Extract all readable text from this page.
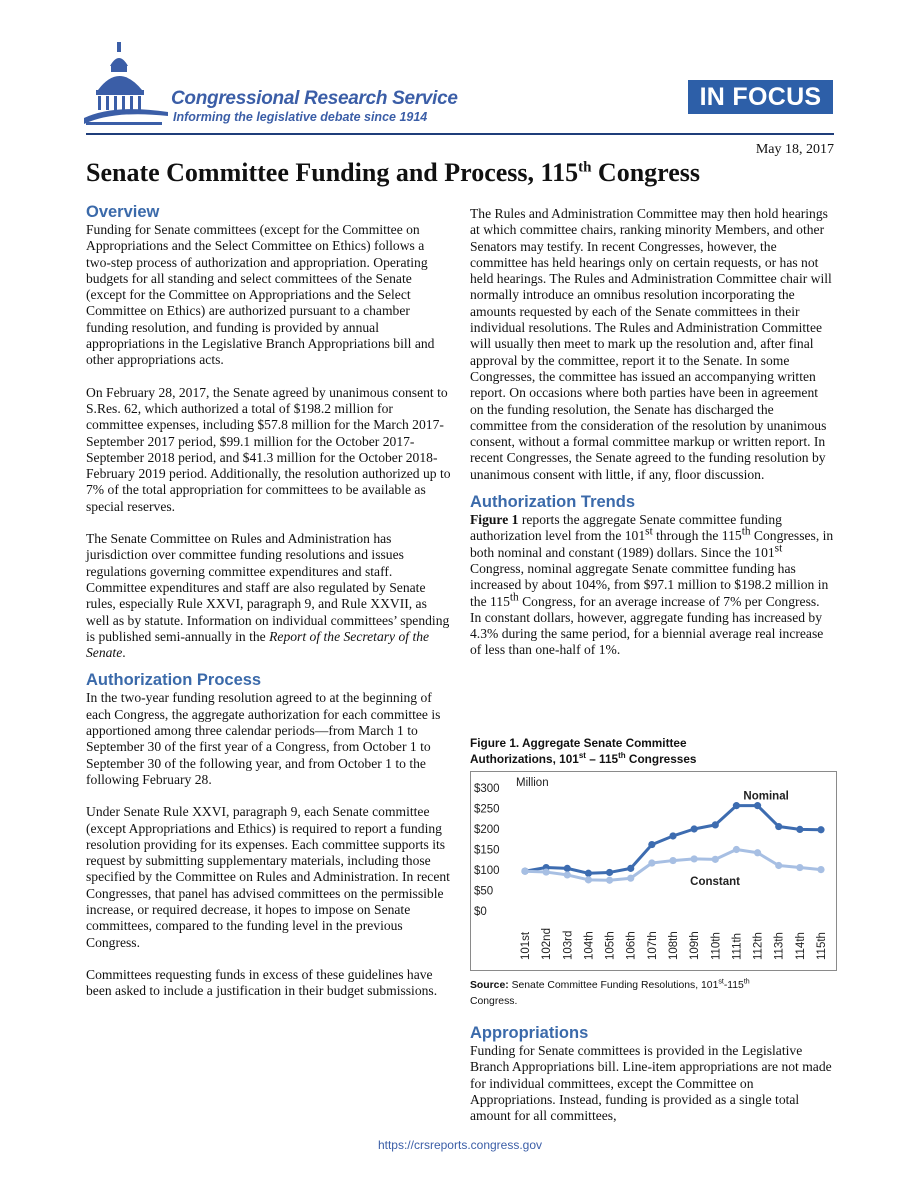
Congressional Research Service
Informing the legislative debate since 1914
IN FOCUS
May 18, 2017
Senate Committee Funding and Process, 115th Congress
Overview

Funding for Senate committees (except for the Committee on Appropriations and the Select Committee on Ethics) follows a two-step process of authorization and appropriation. Operating budgets for all standing and select committees of the Senate (except for the Committee on Appropriations and the Select Committee on Ethics) are authorized pursuant to a chamber funding resolution, and funding is provided by annual appropriations in the Legislative Branch Appropriations bill and other appropriations acts.

On February 28, 2017, the Senate agreed by unanimous consent to S.Res. 62, which authorized a total of $198.2 million for committee expenses, including $57.8 million for the March 2017-September 2017 period, $99.1 million for the October 2017-September 2018 period, and $41.3 million for the October 2018-February 2019 period. Additionally, the resolution authorized up to 7% of the total appropriation for committees to be available as special reserves.

The Senate Committee on Rules and Administration has jurisdiction over committee funding resolutions and issues regulations governing committee expenditures and staff. Committee expenditures and staff are also regulated by Senate rules, especially Rule XXVI, paragraph 9, and Rule XXVII, as well as by statute. Information on individual committees’ spending is published semi-annually in the Report of the Secretary of the Senate.

Authorization Process

In the two-year funding resolution agreed to at the beginning of each Congress, the aggregate authorization for each committee is apportioned among three calendar periods—from March 1 to September 30 of the first year of a Congress, from October 1 to September 30 of the following year, and from October 1 to the following February 28.

Under Senate Rule XXVI, paragraph 9, each Senate committee (except Appropriations and Ethics) is required to report a funding resolution providing for its expenses. Each committee supports its request by submitting supplementary materials, including those specified by the Committee on Rules and Administration. In recent Congresses, that panel has advised committees on the permissible increase, or required decrease, it hopes to impose on Senate committees, compared to the funding level in the previous Congress.

Committees requesting funds in excess of these guidelines have been asked to include a justification in their budget submissions.

The Rules and Administration Committee may then hold hearings at which committee chairs, ranking minority Members, and other Senators may testify. In recent Congresses, however, the committee has held hearings only on certain requests, or has not held hearings. The Rules and Administration Committee chair will normally introduce an omnibus resolution incorporating the amounts requested by each of the Senate committees in their individual resolutions. The Rules and Administration Committee will usually then meet to mark up the resolution and, after final approval by the committee, report it to the Senate. In some Congresses, the committee has issued an accompanying written report. On occasions where both parties have been in agreement on the funding resolution, the Senate has discharged the committee from the consideration of the resolution by unanimous consent, without a formal committee markup or written report. In recent Congresses, the Senate agreed to the funding resolution by unanimous consent with little, if any, floor discussion.

Authorization Trends

Figure 1 reports the aggregate Senate committee funding authorization level from the 101st through the 115th Congresses, in both nominal and constant (1989) dollars. Since the 101st Congress, nominal aggregate Senate committee funding has increased by about 104%, from $97.1 million to $198.2 million in the 115th Congress, for an average increase of 7% per Congress. In constant dollars, however, aggregate funding has increased by 4.3% during the same period, for a biennial average real increase of less than one-half of 1%.

Figure 1. Aggregate Senate Committee
Authorizations, 101st – 115th Congresses
Million
$300
$250
$200
$150
$100
$50
$0
101st 102nd 103rd 104th 105th 106th 107th 108th 109th 110th 111th 112th 113th 114th 115th
Nominal
Constant
Source: Senate Committee Funding Resolutions, 101st-115th
Congress.
Appropriations

Funding for Senate committees is provided in the Legislative Branch Appropriations bill. Line-item appropriations are not made for individual committees, except the Committee on Appropriations. Instead, funding is provided as a single total amount for all committees,

https://crsreports.congress.gov
